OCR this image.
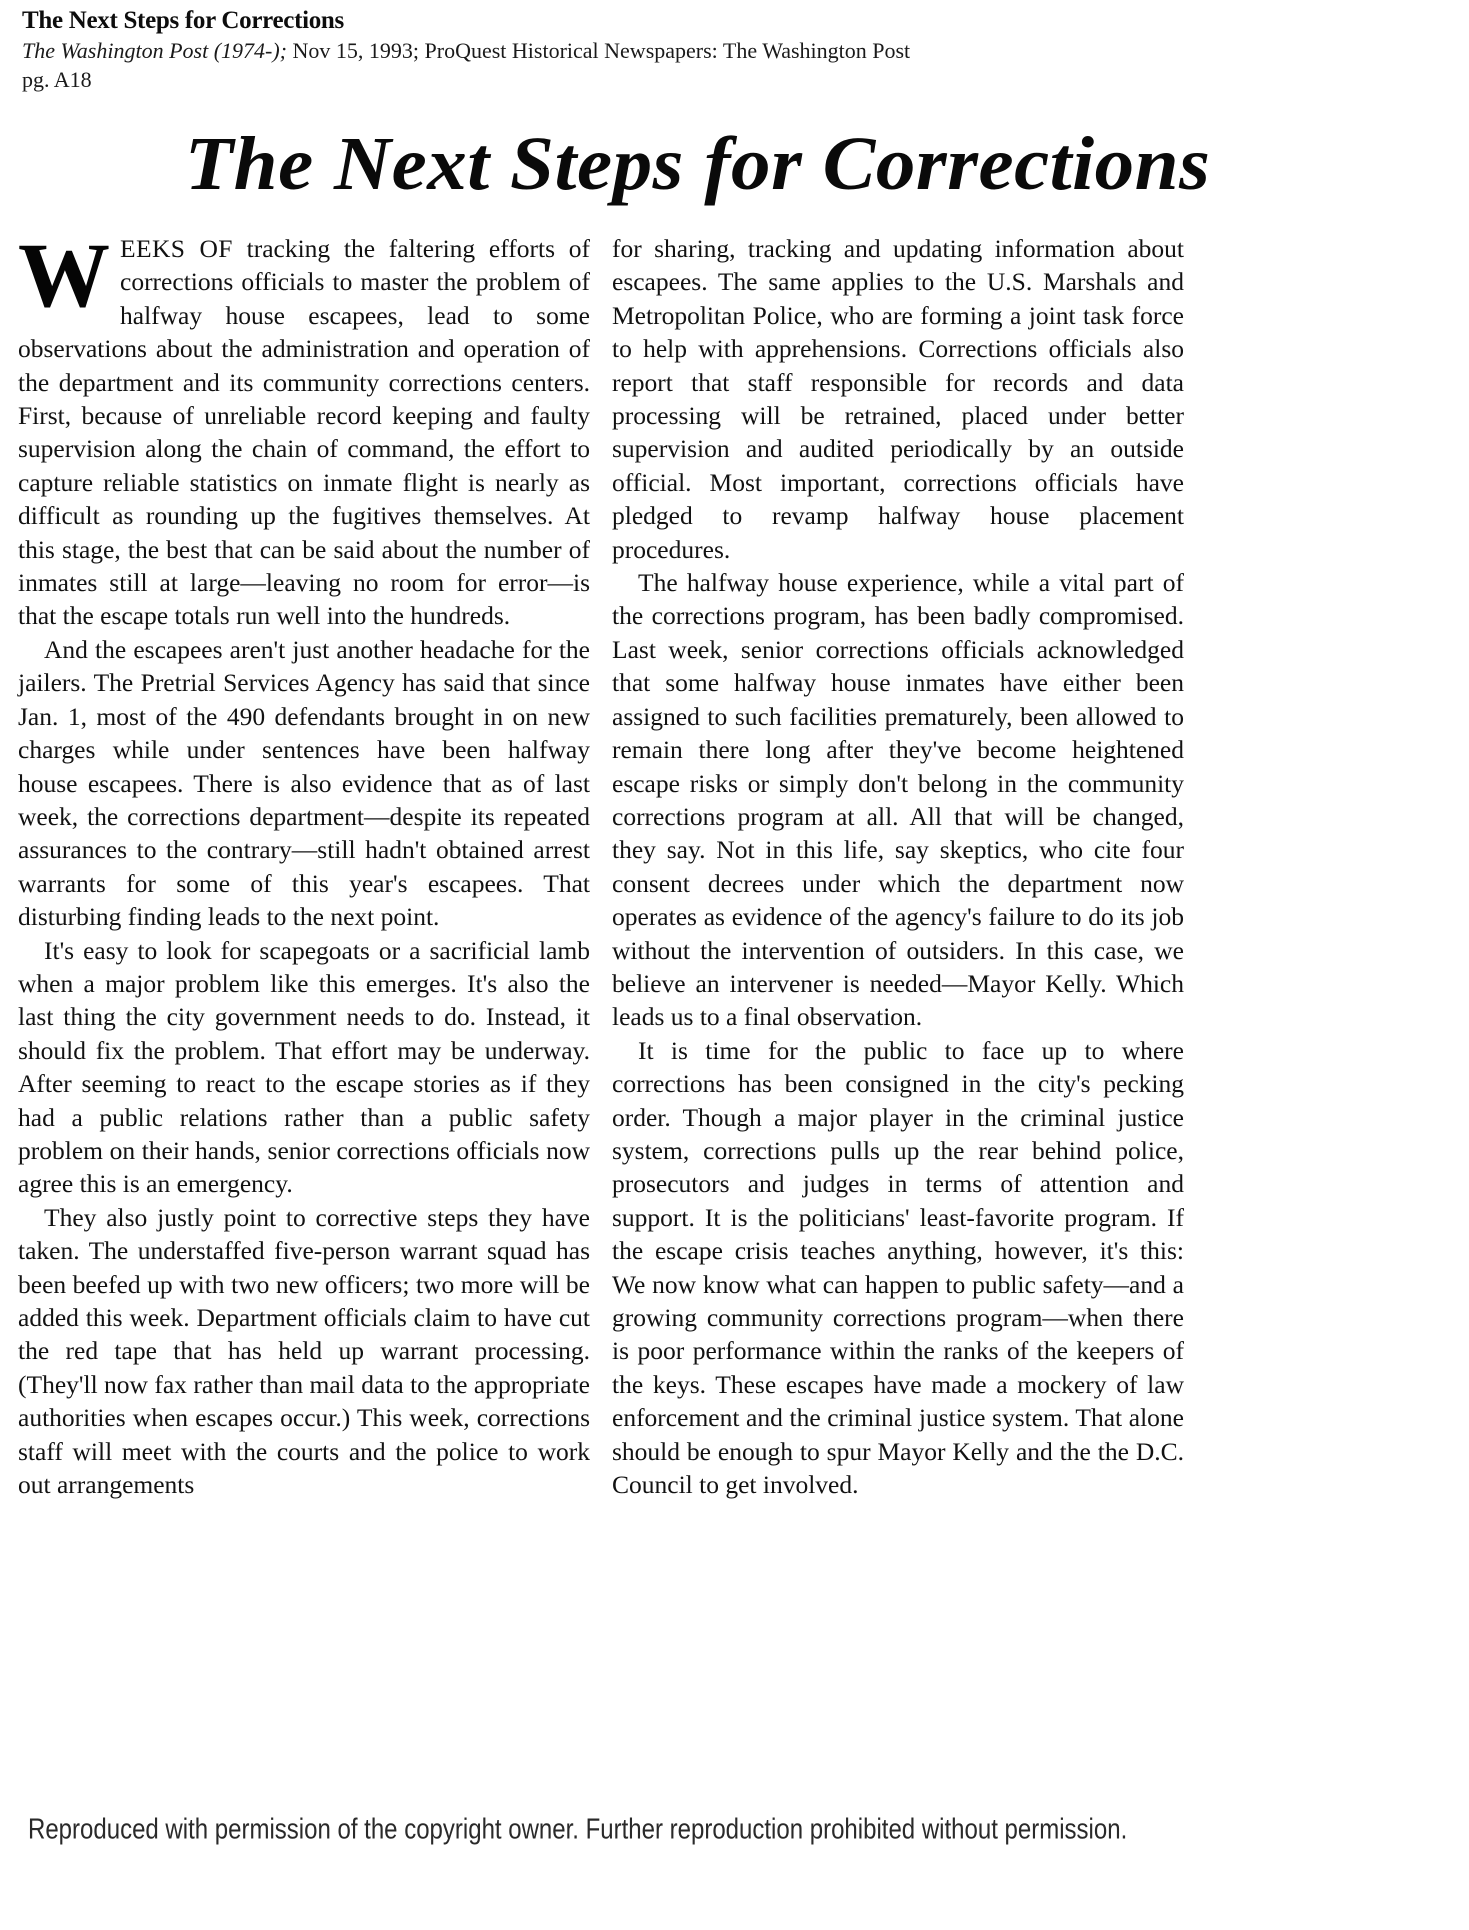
The Next Steps for Corrections
The Washington Post (1974-); Nov 15, 1993; ProQuest Historical Newspapers: The Washington Post
pg. A18
The Next Steps for Corrections

WEEKS OF tracking the faltering efforts of corrections officials to master the problem of halfway house escapees, lead to some observations about the administration and operation of the department and its community corrections centers. First, because of unreliable record keeping and faulty supervision along the chain of command, the effort to capture reliable statistics on inmate flight is nearly as difficult as rounding up the fugitives themselves. At this stage, the best that can be said about the number of inmates still at large—leaving no room for error—is that the escape totals run well into the hundreds.

And the escapees aren't just another headache for the jailers. The Pretrial Services Agency has said that since Jan. 1, most of the 490 defendants brought in on new charges while under sentences have been halfway house escapees. There is also evidence that as of last week, the corrections department—despite its repeated assurances to the contrary—still hadn't obtained arrest warrants for some of this year's escapees. That disturbing finding leads to the next point.

It's easy to look for scapegoats or a sacrificial lamb when a major problem like this emerges. It's also the last thing the city government needs to do. Instead, it should fix the problem. That effort may be underway. After seeming to react to the escape stories as if they had a public relations rather than a public safety problem on their hands, senior corrections officials now agree this is an emergency.

They also justly point to corrective steps they have taken. The understaffed five-person warrant squad has been beefed up with two new officers; two more will be added this week. Department officials claim to have cut the red tape that has held up warrant processing. (They'll now fax rather than mail data to the appropriate authorities when escapes occur.) This week, corrections staff will meet with the courts and the police to work out arrangements

for sharing, tracking and updating information about escapees. The same applies to the U.S. Marshals and Metropolitan Police, who are forming a joint task force to help with apprehensions. Corrections officials also report that staff responsible for records and data processing will be retrained, placed under better supervision and audited periodically by an outside official. Most important, corrections officials have pledged to revamp halfway house placement procedures.

The halfway house experience, while a vital part of the corrections program, has been badly compromised. Last week, senior corrections officials acknowledged that some halfway house inmates have either been assigned to such facilities prematurely, been allowed to remain there long after they've become heightened escape risks or simply don't belong in the community corrections program at all. All that will be changed, they say. Not in this life, say skeptics, who cite four consent decrees under which the department now operates as evidence of the agency's failure to do its job without the intervention of outsiders. In this case, we believe an intervener is needed—Mayor Kelly. Which leads us to a final observation.

It is time for the public to face up to where corrections has been consigned in the city's pecking order. Though a major player in the criminal justice system, corrections pulls up the rear behind police, prosecutors and judges in terms of attention and support. It is the politicians' least-favorite program. If the escape crisis teaches anything, however, it's this: We now know what can happen to public safety—and a growing community corrections program—when there is poor performance within the ranks of the keepers of the keys. These escapes have made a mockery of law enforcement and the criminal justice system. That alone should be enough to spur Mayor Kelly and the the D.C. Council to get involved.

Reproduced with permission of the copyright owner. Further reproduction prohibited without permission.
